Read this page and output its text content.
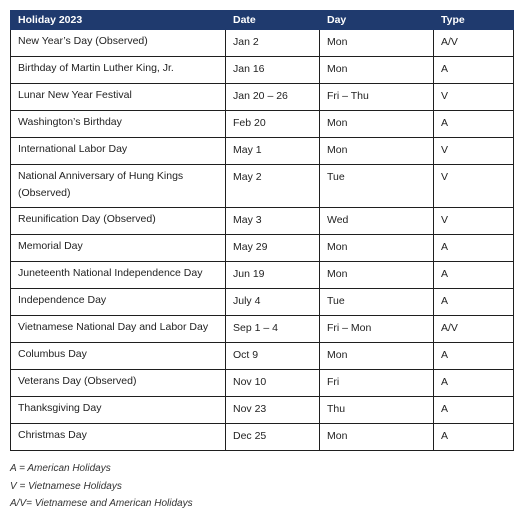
Holiday 2023	Date	Day	Type
New Year’s Day (Observed)	Jan 2	Mon	A/V
Birthday of Martin Luther King, Jr.	Jan 16	Mon	A
Lunar New Year Festival	Jan 20 – 26	Fri – Thu	V
Washington’s Birthday	Feb 20	Mon	A
International Labor Day	May 1	Mon	V
National Anniversary of Hung Kings (Observed)	May 2	Tue	V
Reunification Day (Observed)	May 3	Wed	V
Memorial Day	May 29	Mon	A
Juneteenth National Independence Day	Jun 19	Mon	A
Independence Day	July 4	Tue	A
Vietnamese National Day and Labor Day	Sep 1 – 4	Fri – Mon	A/V
Columbus Day	Oct 9	Mon	A
Veterans Day (Observed)	Nov 10	Fri	A
Thanksgiving Day	Nov 23	Thu	A
Christmas Day	Dec 25	Mon	A
A = American Holidays
V = Vietnamese Holidays
A/V= Vietnamese and American Holidays
